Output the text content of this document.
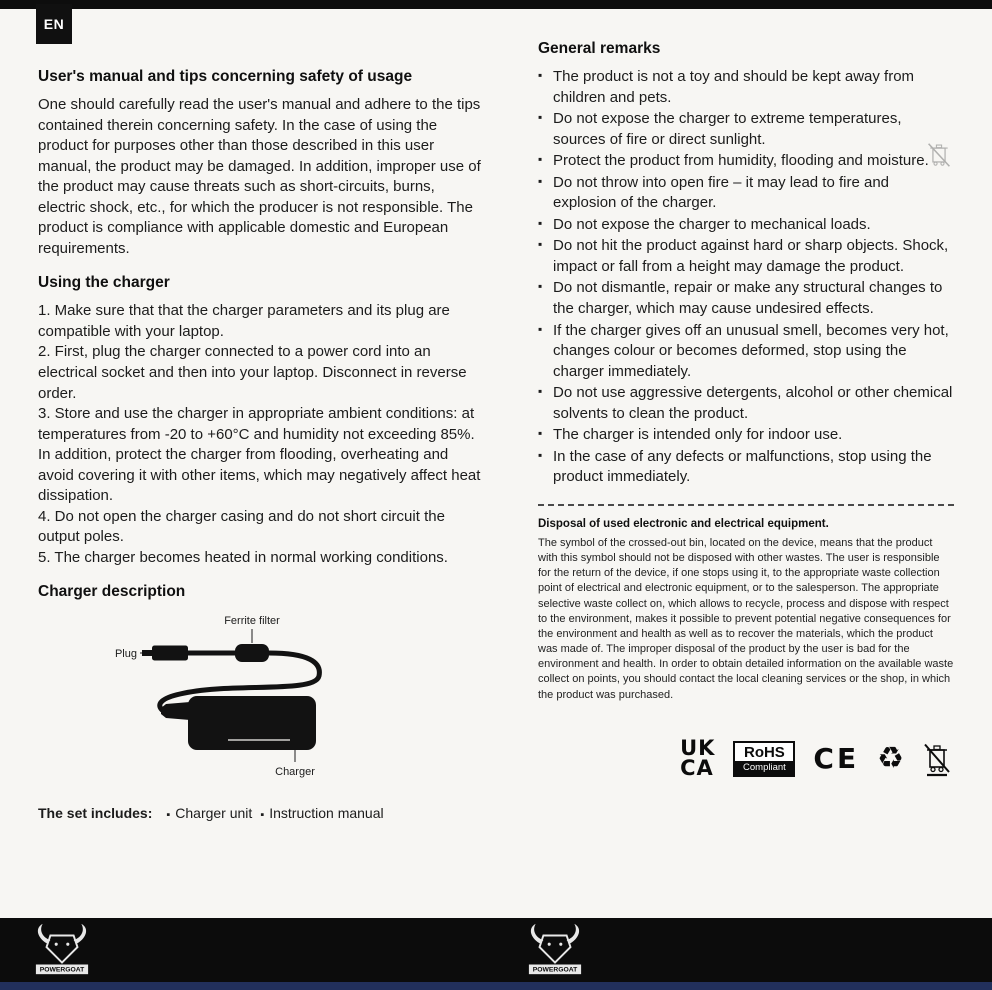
EN
User's manual and tips concerning safety of usage

One should carefully read the user's manual and adhere to the tips contained therein concerning safety. In the case of using the product for purposes other than those described in this user manual, the product may be damaged. In addition, improper use of the product may cause threats such as short-circuits, burns, electric shock, etc., for which the producer is not responsible. The product is compliance with applicable domestic and European requirements.

Using the charger

1. Make sure that that the charger parameters and its plug are compatible with your laptop.

2. First, plug the charger connected to a power cord into an electrical socket and then into your laptop. Disconnect in reverse order.

3. Store and use the charger in appropriate ambient conditions: at temperatures from -20 to +60°C and humidity not exceeding 85%. In addition, protect the charger from flooding, overheating and avoid covering it with other items, which may negatively affect heat dissipation.

4. Do not open the charger casing and do not short circuit the output poles.

5. The charger becomes heated in normal working conditions.

Charger description
Ferrite filter
Plug
Charger
The set includes: ▪ Charger unit ▪ Instruction manual
General remarks
▪ The product is not a toy and should be kept away from children and pets.
▪ Do not expose the charger to extreme temperatures, sources of fire or direct sunlight.
▪ Protect the product from humidity, flooding and moisture.
▪ Do not throw into open fire – it may lead to fire and explosion of the charger.
▪ Do not expose the charger to mechanical loads.
▪ Do not hit the product against hard or sharp objects. Shock, impact or fall from a height may damage the product.
▪ Do not dismantle, repair or make any structural changes to the charger, which may cause undesired effects.
▪ If the charger gives off an unusual smell, becomes very hot, changes colour or becomes deformed, stop using the charger immediately.
▪ Do not use aggressive detergents, alcohol or other chemical solvents to clean the product.
▪ The charger is intended only for indoor use.
▪ In the case of any defects or malfunctions, stop using the product immediately.
Disposal of used electronic and electrical equipment.

The symbol of the crossed-out bin, located on the device, means that the product with this symbol should not be disposed with other wastes. The user is responsible for the return of the device, if one stops using it, to the appropriate waste collection point of electrical and electronic equipment, or to the salesperson. The appropriate selective waste collect on, which allows to recycle, process and dispose with respect to the environment, makes it possible to prevent potential negative consequences for the environment and health as well as to recover the materials, which the product was made of. The improper disposal of the product by the user is bad for the environment and health. In order to obtain detailed information on the available waste collect on points, you should contact the local cleaning services or the shop, in which the product was purchased.

UK
CA
RoHS
Compliant CE ♻
POWERGOAT	POWERGOAT
